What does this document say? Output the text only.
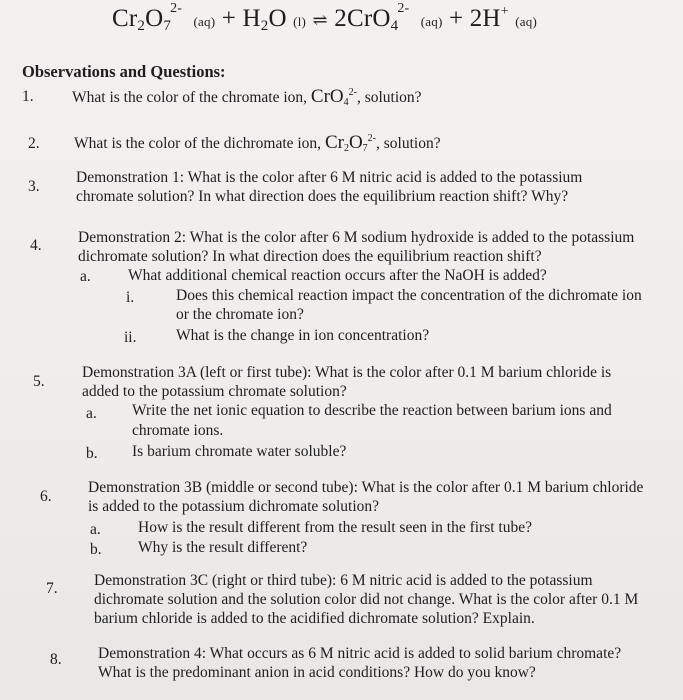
$Cr_2O_7$
2-
$(aq) + H_2O$ (l) ⇌ 2CrO$_4$
2-
(aq) + 2H+ (aq)
Observations and Questions:
1. What is the color of the chromate ion, CrO$_4^{2-}$, solution?
2. What is the color of the dichromate ion, $Cr_2O_7^{2-}$, solution?
3.
Demonstration 1: What is the color after 6 M nitric acid is added to the potassium
chromate solution? In what direction does the equilibrium reaction shift? Why?
4. Demonstration 2: What is the color after 6 M sodium hydroxide is added to the potassium
dichromate solution? In what direction does the equilibrium reaction shift?
a. What additional chemical reaction occurs after the NaOH is added?
i.	Does this chemical reaction impact the concentration of the dichromate ion
or the chromate ion?
ii.	What is the change in ion concentration?
5.
Demonstration 3A (left or first tube): What is the color after 0.1 M barium chloride is
added to the potassium chromate solution?
a. Write the net ionic equation to describe the reaction between barium ions and
chromate ions.
b. Is barium chromate water soluble?
6.
Demonstration 3B (middle or second tube): What is the color after 0.1 M barium chloride
is added to the potassium dichromate solution?
a. How is the result different from the result seen in the first tube?
b. Why is the result different?
7. Demonstration 3C (right or third tube): 6 M nitric acid is added to the potassium
dichromate solution and the solution color did not change. What is the color after 0.1 M
barium chloride is added to the acidified dichromate solution? Explain.
8. Demonstration 4: What occurs as 6 M nitric acid is added to solid barium chromate?
What is the predominant anion in acid conditions? How do you know?
